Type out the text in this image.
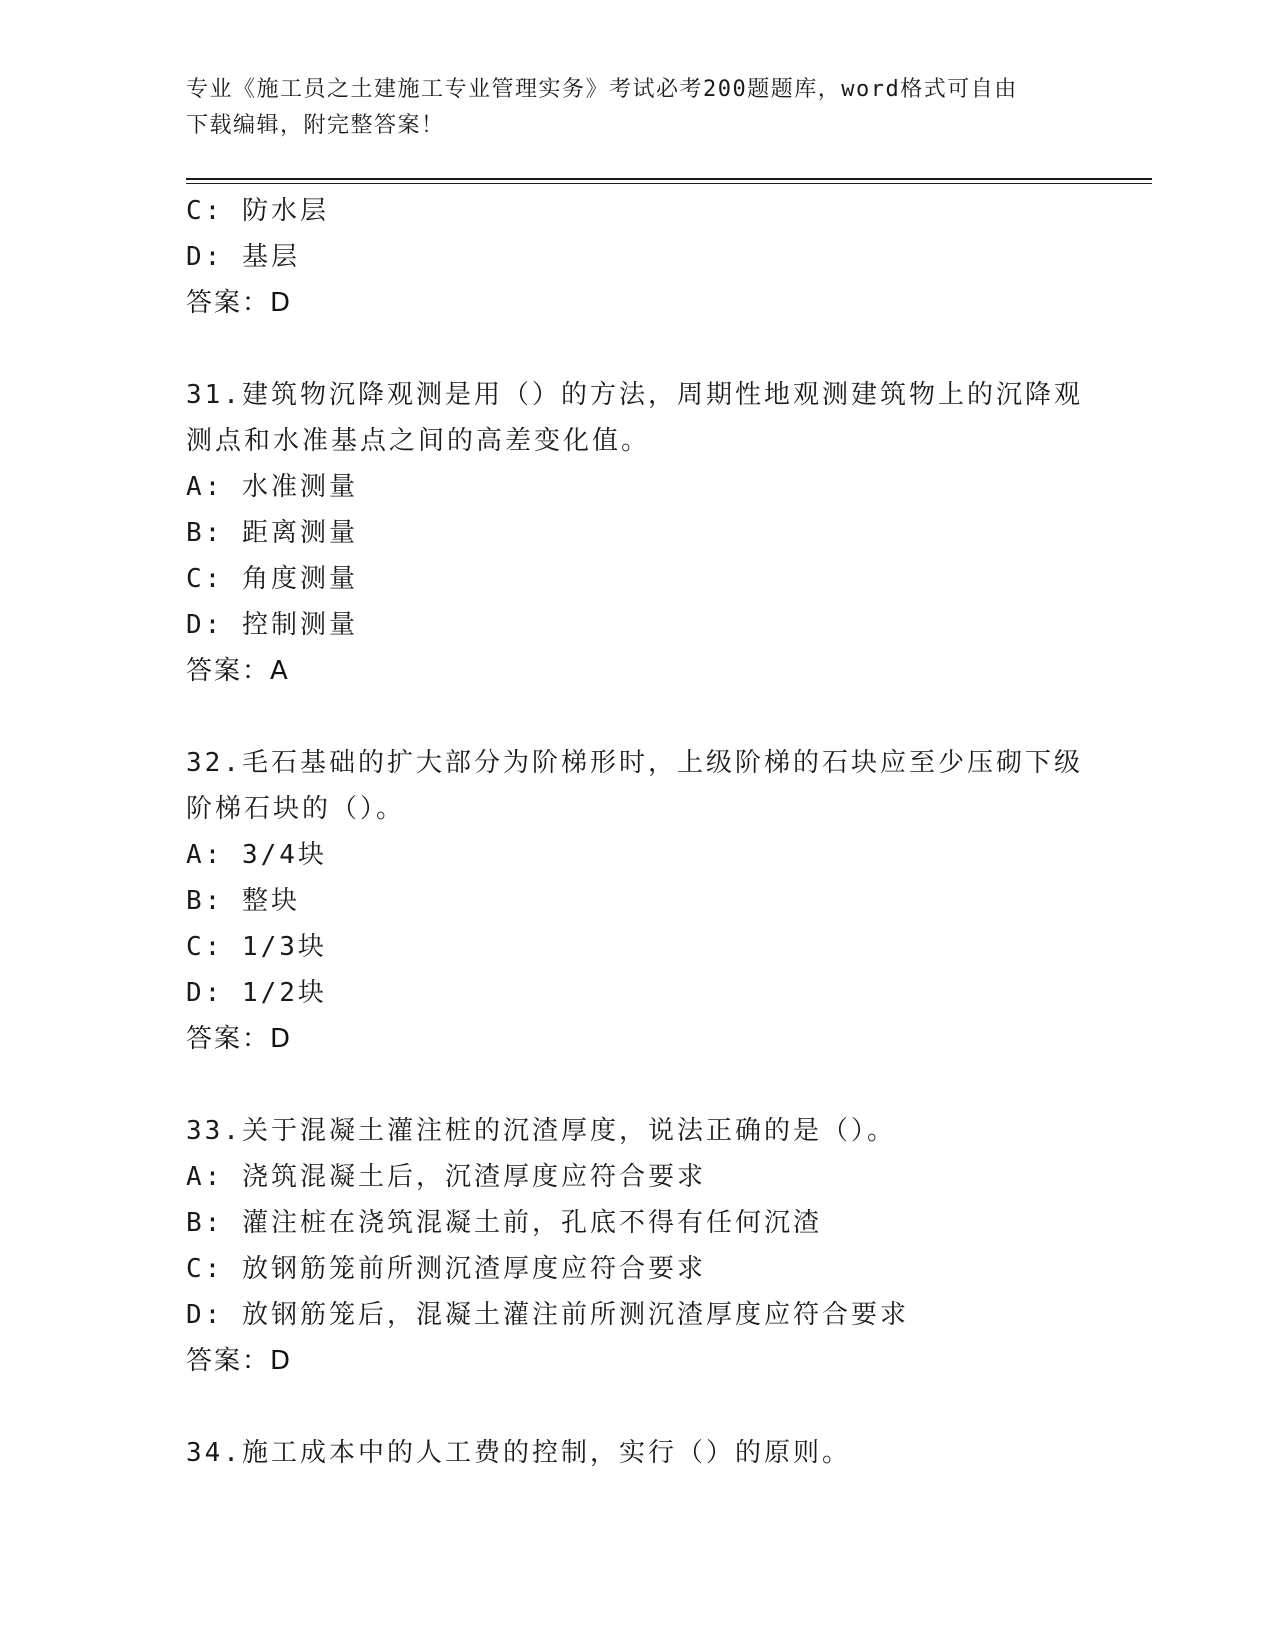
专业《施工员之土建施工专业管理实务》考试必考200题题库，word格式可自由
下载编辑，附完整答案！
C: 防水层
D: 基层
答案：D
31.建筑物沉降观测是用（）的方法，周期性地观测建筑物上的沉降观
测点和水准基点之间的高差变化值。
A: 水准测量
B: 距离测量
C: 角度测量
D: 控制测量
答案：A
32.毛石基础的扩大部分为阶梯形时，上级阶梯的石块应至少压砌下级
阶梯石块的（）。
A: 3/4块
B: 整块
C: 1/3块
D: 1/2块
答案：D
33.关于混凝土灌注桩的沉渣厚度，说法正确的是（）。
A: 浇筑混凝土后，沉渣厚度应符合要求
B: 灌注桩在浇筑混凝土前，孔底不得有任何沉渣
C: 放钢筋笼前所测沉渣厚度应符合要求
D: 放钢筋笼后，混凝土灌注前所测沉渣厚度应符合要求
答案：D
34.施工成本中的人工费的控制，实行（）的原则。
